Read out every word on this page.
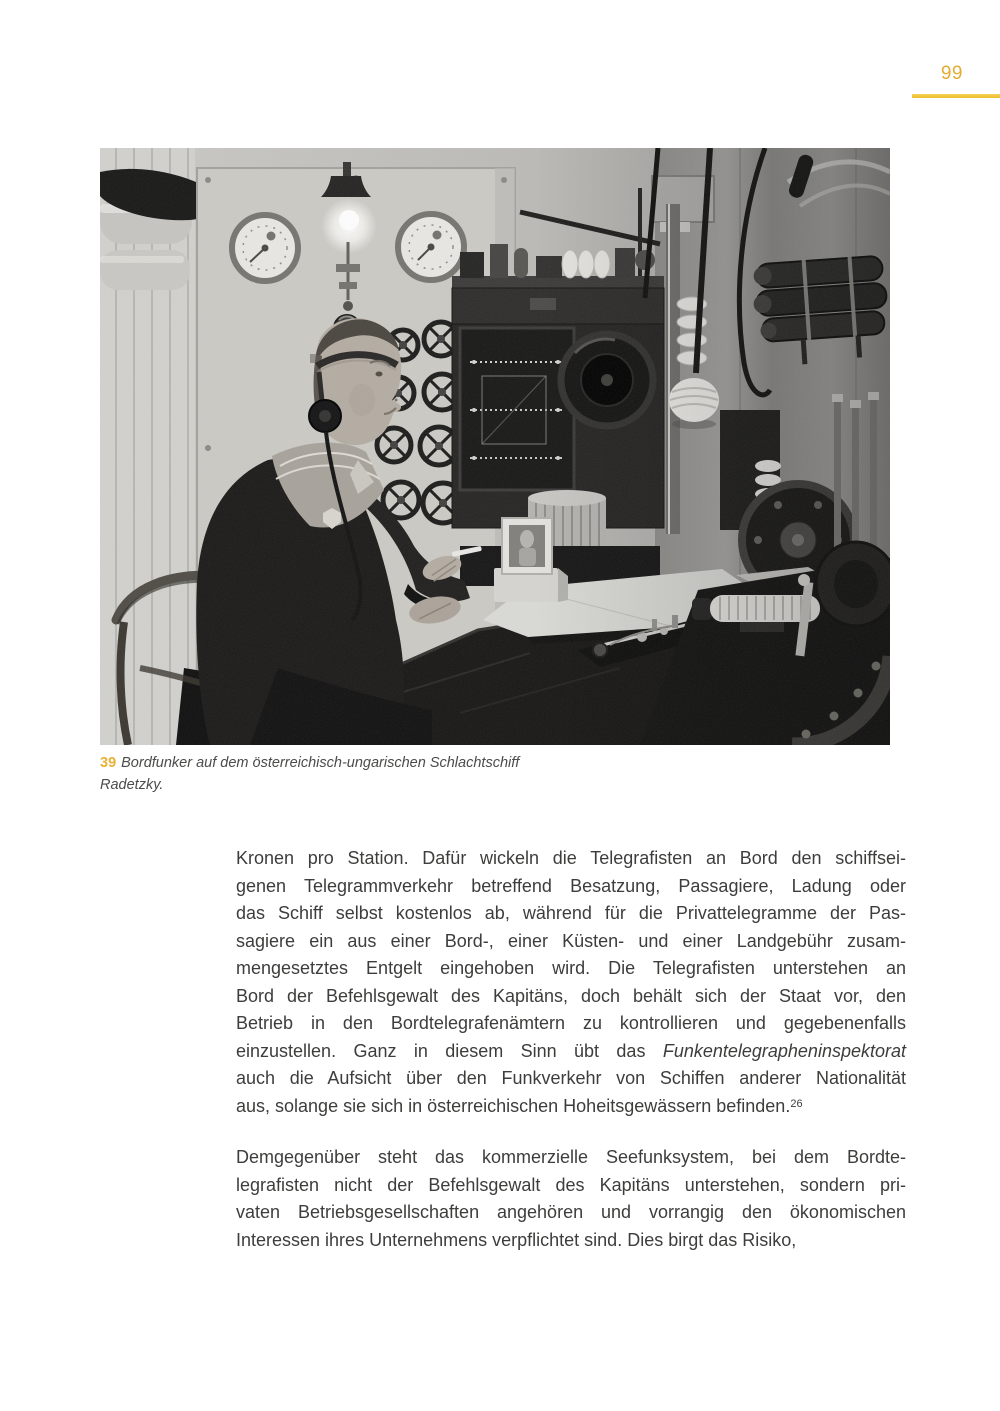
99

39 Bordfunker auf dem österreichisch-ungarischen Schlachtschiff
Radetzky.

Kronen pro Station. Dafür wickeln die Telegrafisten an Bord den schiffsei-
genen Telegrammverkehr betreffend Besatzung, Passagiere, Ladung oder
das Schiff selbst kostenlos ab, während für die Privattelegramme der Pas-
sagiere ein aus einer Bord-, einer Küsten- und einer Landgebühr zusam-
mengesetztes Entgelt eingehoben wird. Die Telegrafisten unterstehen an
Bord der Befehlsgewalt des Kapitäns, doch behält sich der Staat vor, den
Betrieb in den Bordtelegrafenämtern zu kontrollieren und gegebenenfalls
einzustellen. Ganz in diesem Sinn übt das Funkentelegrapheninspektorat
auch die Aufsicht über den Funkverkehr von Schiffen anderer Nationalität
aus, solange sie sich in österreichischen Hoheitsgewässern befinden.$^{26}$
Demgegenüber steht das kommerzielle Seefunksystem, bei dem Bordte-
legrafisten nicht der Befehlsgewalt des Kapitäns unterstehen, sondern pri-
vaten Betriebsgesellschaften angehören und vorrangig den ökonomischen
Interessen ihres Unternehmens verpflichtet sind. Dies birgt das Risiko,
